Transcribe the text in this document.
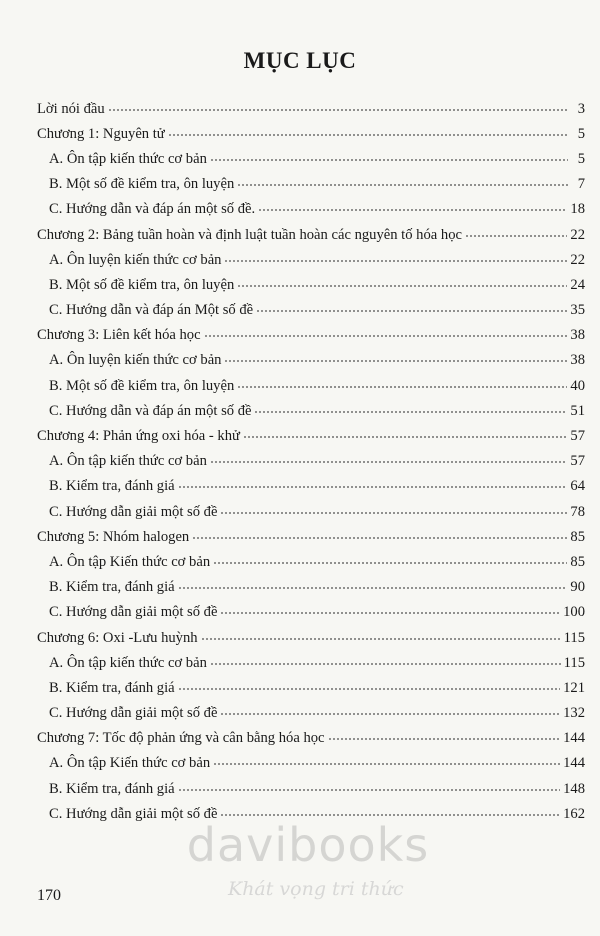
MỤC LỤC
Lời nói đầu	3
Chương 1: Nguyên tử	5
A. Ôn tập kiến thức cơ bản	5
B. Một số đề kiểm tra, ôn luyện	7
C. Hướng dẫn và đáp án một số đề.	18
Chương 2: Bảng tuần hoàn và định luật tuần hoàn các nguyên tố hóa học	22
A. Ôn luyện kiến thức cơ bản	22
B. Một số đề kiểm tra, ôn luyện	24
C. Hướng dẫn và đáp án Một số đề	35
Chương 3: Liên kết hóa học	38
A. Ôn luyện kiến thức cơ bản	38
B. Một số đề kiểm tra, ôn luyện	40
C. Hướng dẫn và đáp án một số đề	51
Chương 4: Phản ứng oxi hóa - khử	57
A. Ôn tập kiến thức cơ bản	57
B. Kiểm tra, đánh giá	64
C. Hướng dẫn giải một số đề	78
Chương 5: Nhóm halogen	85
A. Ôn tập Kiến thức cơ bản	85
B. Kiểm tra, đánh giá	90
C. Hướng dẫn giải một số đề	100
Chương 6: Oxi -Lưu huỳnh	115
A. Ôn tập kiến thức cơ bản	115
B. Kiểm tra, đánh giá	121
C. Hướng dẫn giải một số đề	132
Chương 7: Tốc độ phản ứng và cân bằng hóa học	144
A. Ôn tập Kiến thức cơ bản	144
B. Kiểm tra, đánh giá	148
C. Hướng dẫn giải một số đề	162
170
davibooks
Khát vọng tri thức
